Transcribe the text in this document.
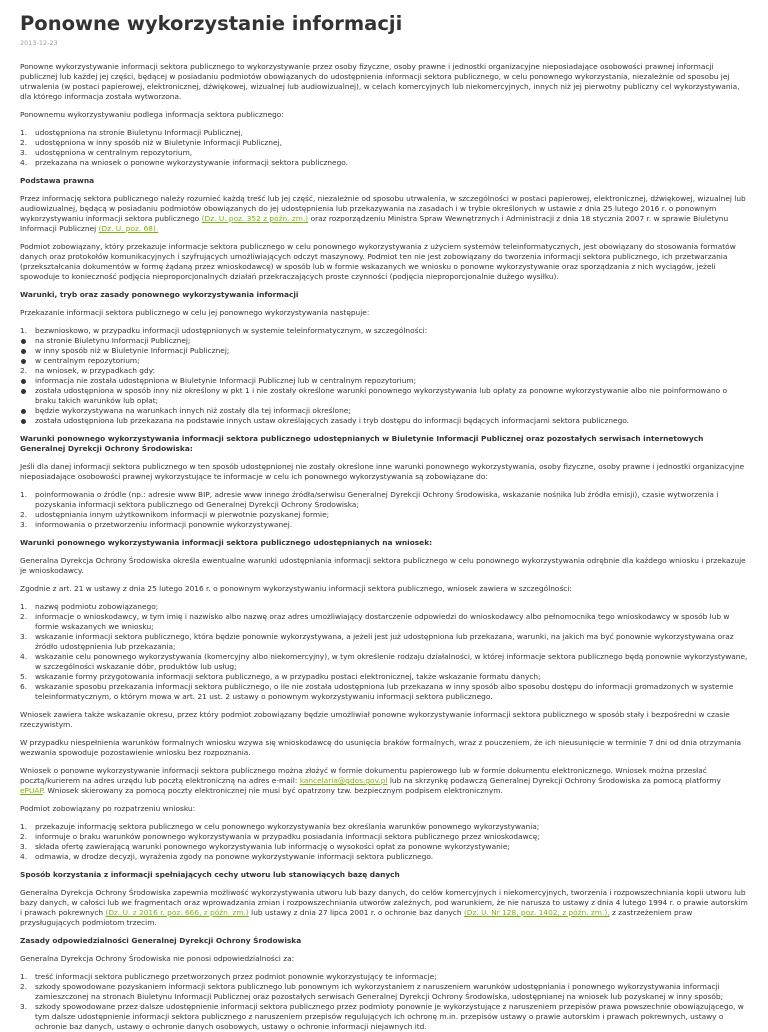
Ponowne wykorzystanie informacji
2013-12-23

Ponowne wykorzystywanie informacji sektora publicznego to wykorzystywanie przez osoby fizyczne, osoby prawne i jednostki organizacyjne nieposiadające osobowości prawnej informacji publicznej lub każdej jej części, będącej w posiadaniu podmiotów obowiązanych do udostępnienia informacji sektora publicznego, w celu ponownego wykorzystania, niezależnie od sposobu jej utrwalenia (w postaci papierowej, elektronicznej, dźwiękowej, wizualnej lub audiowizualnej), w celach komercyjnych lub niekomercyjnych, innych niż jej pierwotny publiczny cel wykorzystywania, dla którego informacja została wytworzona.

Ponownemu wykorzystywaniu podlega informacja sektora publicznego:

1. udostępniona na stronie Biuletynu Informacji Publicznej,
2. udostępniona w inny sposób niż w Biuletynie Informacji Publicznej,
3. udostępniona w centralnym repozytorium,
4. przekazana na wniosek o ponowne wykorzystywanie informacji sektora publicznego.
Podstawa prawna

Przez informację sektora publicznego należy rozumieć każdą treść lub jej część, niezależnie od sposobu utrwalenia, w szczególności w postaci papierowej, elektronicznej, dźwiękowej, wizualnej lub audiowizualnej, będącą w posiadaniu podmiotów obowiązanych do jej udostępnienia lub przekazywania na zasadach i w trybie określonych w ustawie z dnia 25 lutego 2016 r. o ponownym wykorzystywaniu informacji sektora publicznego (Dz. U. poz. 352 z późn. zm.) oraz rozporządzeniu Ministra Spraw Wewnętrznych i Administracji z dnia 18 stycznia 2007 r. w sprawie Biuletynu Informacji Publicznej (Dz. U. poz. 68).

Podmiot zobowiązany, który przekazuje informacje sektora publicznego w celu ponownego wykorzystywania z użyciem systemów teleinformatycznych, jest obowiązany do stosowania formatów danych oraz protokołów komunikacyjnych i szyfrujących umożliwiających odczyt maszynowy. Podmiot ten nie jest zobowiązany do tworzenia informacji sektora publicznego, ich przetwarzania (przekształcania dokumentów w formę żądaną przez wnioskodawcę) w sposób lub w formie wskazanych we wniosku o ponowne wykorzystywanie oraz sporządzania z nich wyciągów, jeżeli spowoduje to konieczność podjęcia nieproporcjonalnych działań przekraczających proste czynności (podjęcia nieproporcjonalnie dużego wysiłku).

Warunki, tryb oraz zasady ponownego wykorzystywania informacji

Przekazanie informacji sektora publicznego w celu jej ponownego wykorzystywania następuje:

1. bezwnioskowo, w przypadku informacji udostępnionych w systemie teleinformatycznym, w szczególności:
na stronie Biuletynu Informacji Publicznej;
w inny sposób niż w Biuletynie Informacji Publicznej;
w centralnym repozytorium;
2. na wniosek, w przypadkach gdy:
informacja nie została udostępniona w Biuletynie Informacji Publicznej lub w centralnym repozytorium;
została udostępniona w sposób inny niż określony w pkt 1 i nie zostały określone warunki ponownego wykorzystywania lub opłaty za ponowne wykorzystywanie albo nie poinformowano o braku takich warunków lub opłat;
będzie wykorzystywana na warunkach innych niż zostały dla tej informacji określone;
została udostępniona lub przekazana na podstawie innych ustaw określających zasady i tryb dostępu do informacji będących informacjami sektora publicznego.
Warunki ponownego wykorzystywania informacji sektora publicznego udostępnianych w Biuletynie Informacji Publicznej oraz pozostałych serwisach internetowych Generalnej Dyrekcji Ochrony Środowiska:

Jeśli dla danej informacji sektora publicznego w ten sposób udostępnionej nie zostały określone inne warunki ponownego wykorzystywania, osoby fizyczne, osoby prawne i jednostki organizacyjne nieposiadające osobowości prawnej wykorzystujące te informacje w celu ich ponownego wykorzystywania są zobowiązane do:

1. poinformowania o źródle (np.: adresie www BIP, adresie www innego źródła/serwisu Generalnej Dyrekcji Ochrony Środowiska, wskazanie nośnika lub źródła emisji), czasie wytworzenia i pozyskania informacji sektora publicznego od Generalnej Dyrekcji Ochrony Środowiska;
2. udostępniania innym użytkownikom informacji w pierwotnie pozyskanej formie;
3. informowania o przetworzeniu informacji ponownie wykorzystywanej.
Warunki ponownego wykorzystywania informacji sektora publicznego udostępnianych na wniosek:

Generalna Dyrekcja Ochrony Środowiska określa ewentualne warunki udostępniania informacji sektora publicznego w celu ponownego wykorzystywania odrębnie dla każdego wniosku i przekazuje je wnioskodawcy.

Zgodnie z art. 21 w ustawy z dnia 25 lutego 2016 r. o ponownym wykorzystywaniu informacji sektora publicznego, wniosek zawiera w szczególności:

1. nazwę podmiotu zobowiązanego;
2. informacje o wnioskodawcy, w tym imię i nazwisko albo nazwę oraz adres umożliwiający dostarczenie odpowiedzi do wnioskodawcy albo pełnomocnika tego wnioskodawcy w sposób lub w formie wskazanych we wniosku;
3. wskazanie informacji sektora publicznego, która będzie ponownie wykorzystywana, a jeżeli jest już udostępniona lub przekazana, warunki, na jakich ma być ponownie wykorzystywana oraz źródło udostępnienia lub przekazania;
4. wskazanie celu ponownego wykorzystywania (komercyjny albo niekomercyjny), w tym określenie rodzaju działalności, w której informacje sektora publicznego będą ponownie wykorzystywane, w szczególności wskazanie dóbr, produktów lub usług;
5. wskazanie formy przygotowania informacji sektora publicznego, a w przypadku postaci elektronicznej, także wskazanie formatu danych;
6. wskazanie sposobu przekazania informacji sektora publicznego, o ile nie została udostępniona lub przekazana w inny sposób albo sposobu dostępu do informacji gromadzonych w systemie teleinformatycznym, o którym mowa w art. 21 ust. 2 ustawy o ponownym wykorzystywaniu informacji sektora publicznego.

Wniosek zawiera także wskazanie okresu, przez który podmiot zobowiązany będzie umożliwiał ponowne wykorzystywanie informacji sektora publicznego w sposób stały i bezpośredni w czasie rzeczywistym.

W przypadku niespełnienia warunków formalnych wniosku wzywa się wnioskodawcę do usunięcia braków formalnych, wraz z pouczeniem, że ich nieusunięcie w terminie 7 dni od dnia otrzymania wezwania spowoduje pozostawienie wniosku bez rozpoznania.

Wniosek o ponowne wykorzystywanie informacji sektora publicznego można złożyć w formie dokumentu papierowego lub w formie dokumentu elektronicznego. Wniosek można przesłać pocztą/kurierem na adres urzędu lub pocztą elektroniczną na adres e-mail: kancelaria@gdos.gov.pl lub na skrzynkę podawczą Generalnej Dyrekcji Ochrony Środowiska za pomocą platformy ePUAP. Wniosek skierowany za pomocą poczty elektronicznej nie musi być opatrzony tzw. bezpiecznym podpisem elektronicznym.

Podmiot zobowiązany po rozpatrzeniu wniosku:

1. przekazuje informację sektora publicznego w celu ponownego wykorzystywania bez określania warunków ponownego wykorzystywania;
2. informuje o braku warunków ponownego wykorzystywania w przypadku posiadania informacji sektora publicznego przez wnioskodawcę;
3. składa ofertę zawierającą warunki ponownego wykorzystywania lub informację o wysokości opłat za ponowne wykorzystywanie;
4. odmawia, w drodze decyzji, wyrażenia zgody na ponowne wykorzystywanie informacji sektora publicznego.
Sposób korzystania z informacji spełniających cechy utworu lub stanowiących bazę danych

Generalna Dyrekcja Ochrony Środowiska zapewnia możliwość wykorzystywania utworu lub bazy danych, do celów komercyjnych i niekomercyjnych, tworzenia i rozpowszechniania kopii utworu lub bazy danych, w całości lub we fragmentach oraz wprowadzania zmian i rozpowszechniania utworów zależnych, pod warunkiem, że nie narusza to ustawy z dnia 4 lutego 1994 r. o prawie autorskim i prawach pokrewnych (Dz. U. z 2016 r. poz. 666, z późn. zm.) lub ustawy z dnia 27 lipca 2001 r. o ochronie baz danych (Dz. U. Nr 128, poz. 1402, z późn. zm.), z zastrzeżeniem praw przysługujących podmiotom trzecim.

Zasady odpowiedzialności Generalnej Dyrekcji Ochrony Środowiska

Generalna Dyrekcja Ochrony Środowiska nie ponosi odpowiedzialności za:

1. treść informacji sektora publicznego przetworzonych przez podmiot ponownie wykorzystujący te informacje;
2. szkody spowodowane pozyskaniem informacji sektora publicznego lub ponownym ich wykorzystaniem z naruszeniem warunków udostępniania i ponownego wykorzystywania informacji zamieszczonej na stronach Biuletynu Informacji Publicznej oraz pozostałych serwisach Generalnej Dyrekcji Ochrony Środowiska, udostępnianej na wniosek lub pozyskanej w inny sposób;
3. szkody spowodowane przez dalsze udostępnienie informacji sektora publicznego przez podmioty ponownie je wykorzystujące z naruszeniem przepisów prawa powszechnie obowiązującego, w tym dalsze udostępnienie informacji sektora publicznego z naruszeniem przepisów regulujących ich ochronę m.in. przepisów ustawy o prawie autorskim i prawach pokrewnych, ustawy o ochronie baz danych, ustawy o ochronie danych osobowych, ustawy o ochronie informacji niejawnych itd.
